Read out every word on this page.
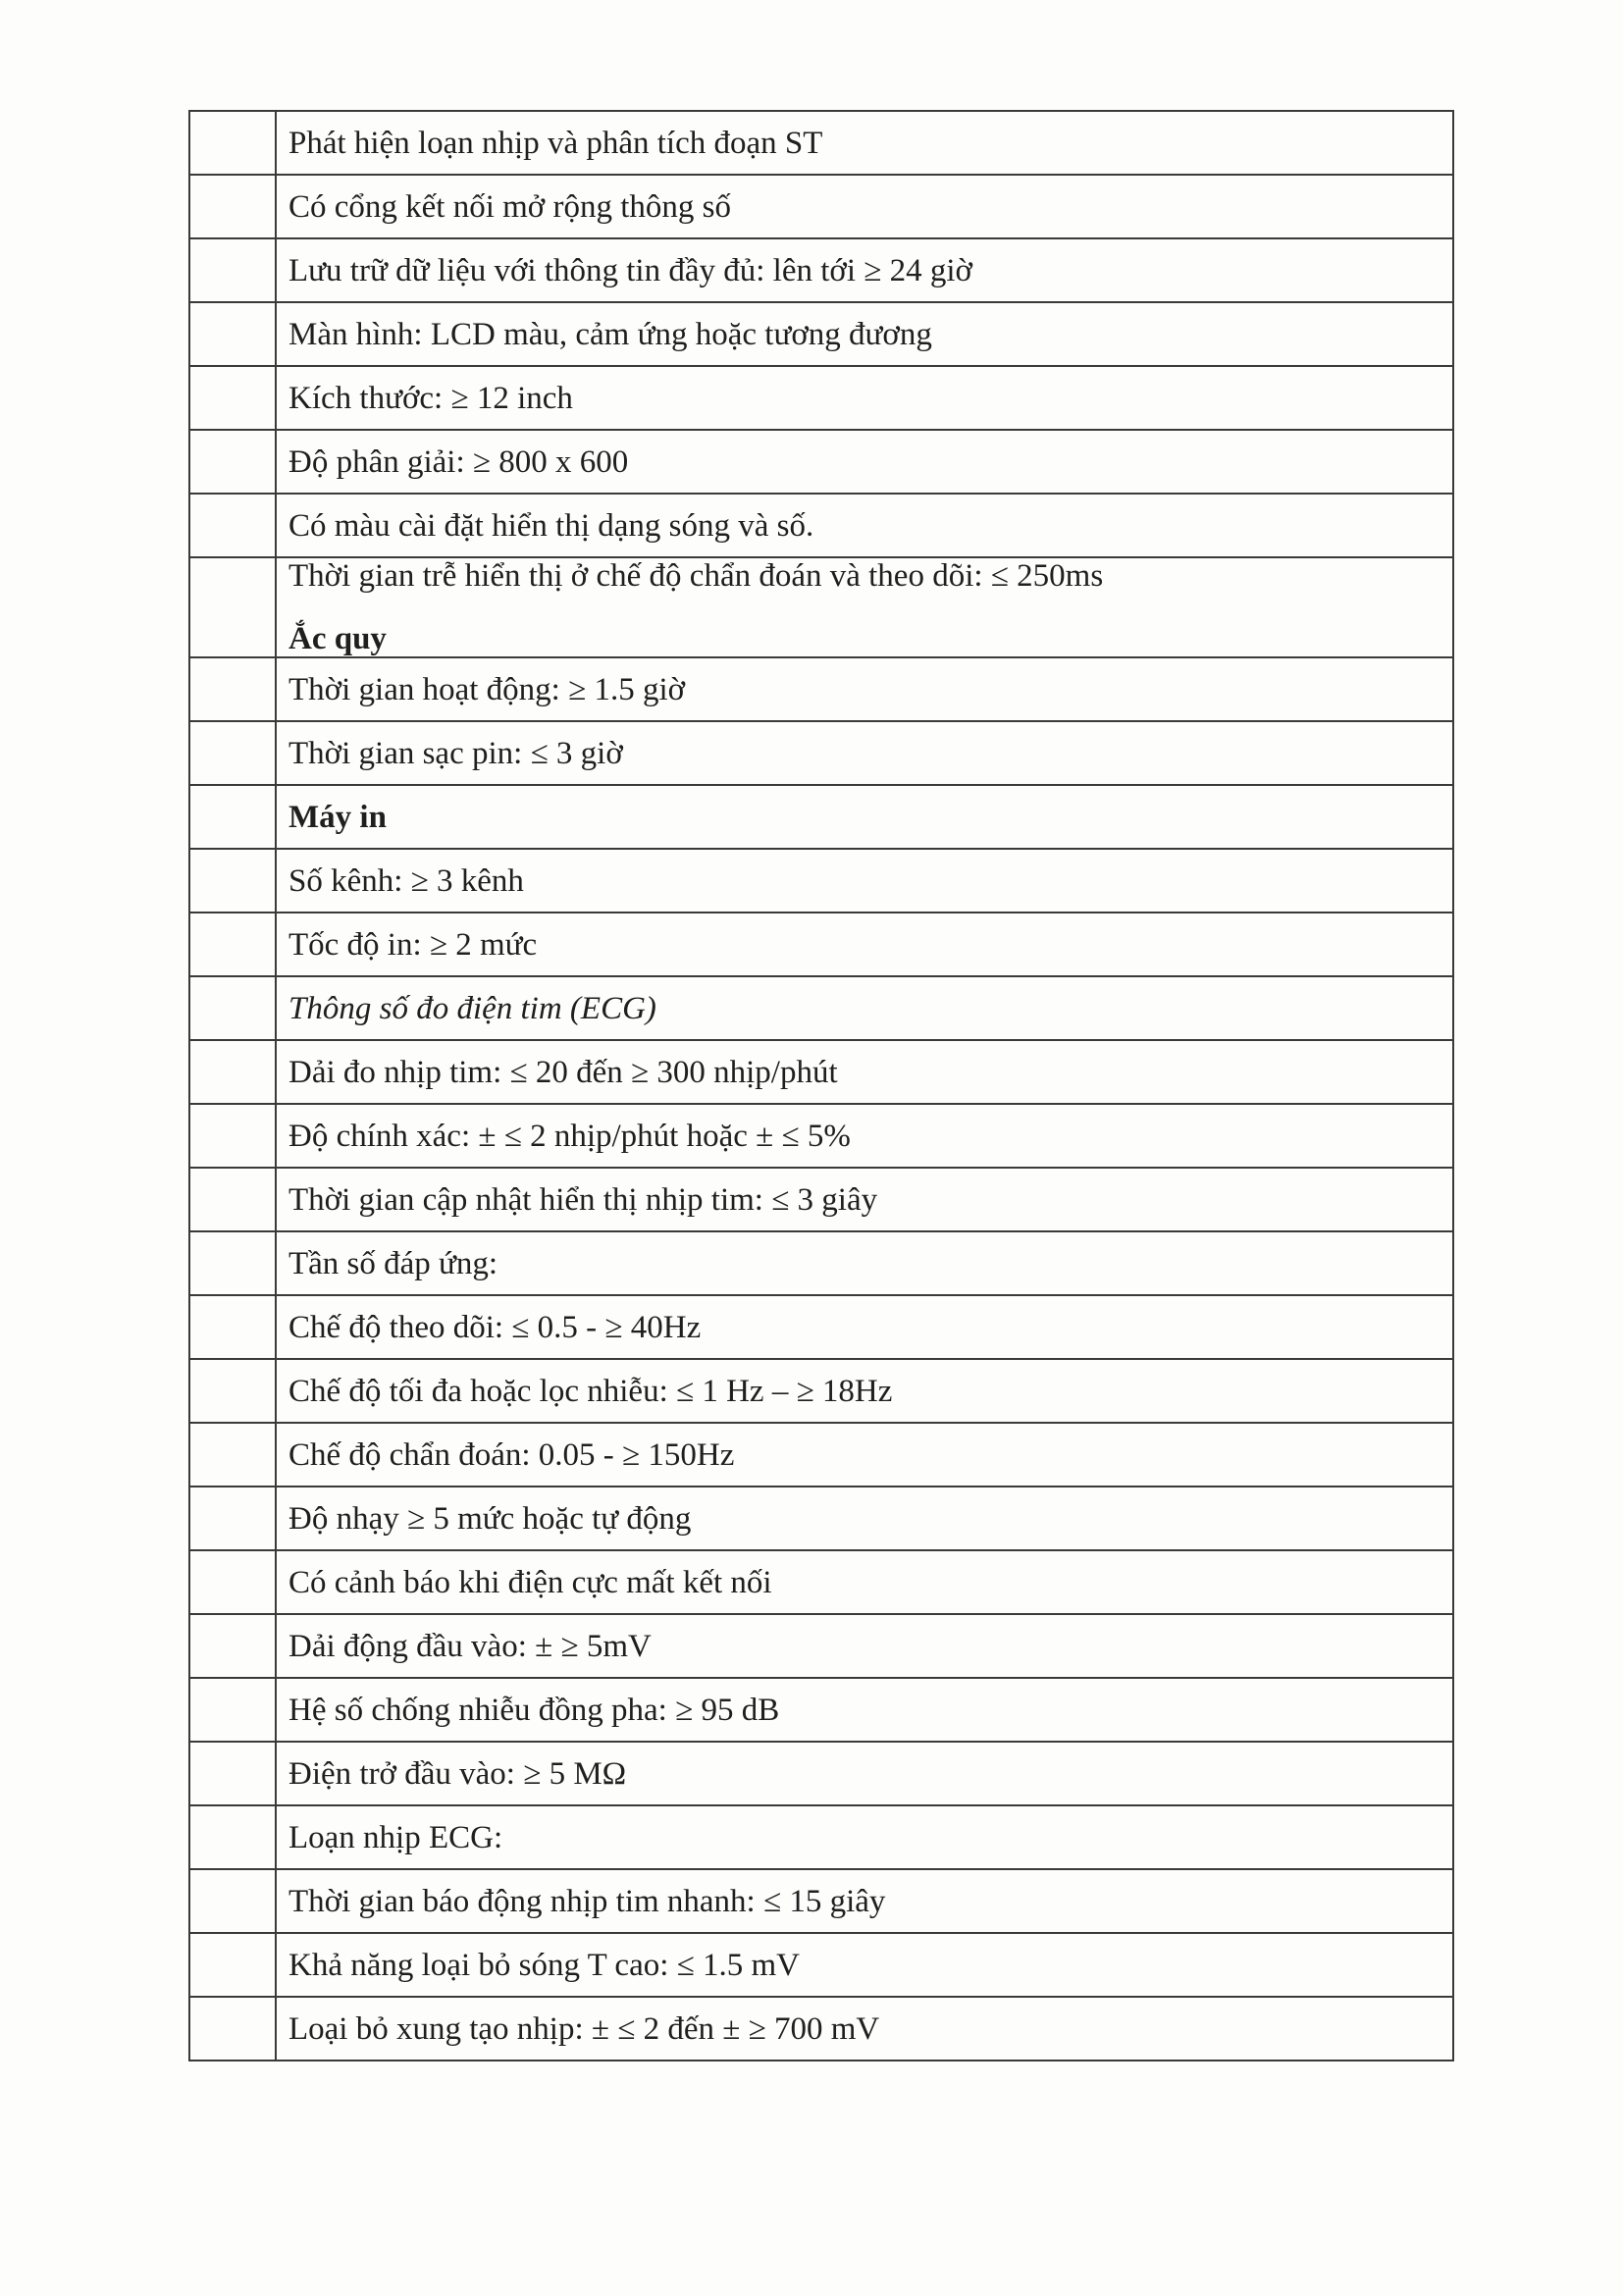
	Phát hiện loạn nhịp và phân tích đoạn ST
	Có cổng kết nối mở rộng thông số
	Lưu trữ dữ liệu với thông tin đầy đủ: lên tới ≥ 24 giờ
	Màn hình: LCD màu, cảm ứng hoặc tương đương
	Kích thước: ≥ 12 inch
	Độ phân giải: ≥ 800 x 600
	Có màu cài đặt hiển thị dạng sóng và số.

	Thời gian trễ hiển thị ở chế độ chẩn đoán và theo dõi: ≤ 250ms
Ắc quy

	Thời gian hoạt động: ≥ 1.5 giờ
	Thời gian sạc pin: ≤ 3 giờ
	Máy in
	Số kênh: ≥ 3 kênh
	Tốc độ in: ≥ 2 mức
	Thông số đo điện tim (ECG)
	Dải đo nhịp tim: ≤ 20 đến ≥ 300 nhịp/phút
	Độ chính xác: ± ≤ 2 nhịp/phút hoặc ± ≤ 5%
	Thời gian cập nhật hiển thị nhịp tim: ≤ 3 giây
	Tần số đáp ứng:
	Chế độ theo dõi: ≤ 0.5 - ≥ 40Hz
	Chế độ tối đa hoặc lọc nhiễu: ≤ 1 Hz – ≥ 18Hz
	Chế độ chẩn đoán: 0.05 - ≥ 150Hz
	Độ nhạy ≥ 5 mức hoặc tự động
	Có cảnh báo khi điện cực mất kết nối
	Dải động đầu vào: ± ≥ 5mV
	Hệ số chống nhiễu đồng pha: ≥ 95 dB
	Điện trở đầu vào: ≥ 5 MΩ
	Loạn nhịp ECG:
	Thời gian báo động nhịp tim nhanh: ≤ 15 giây
	Khả năng loại bỏ sóng T cao: ≤ 1.5 mV
	Loại bỏ xung tạo nhịp: ± ≤ 2 đến ± ≥ 700 mV
